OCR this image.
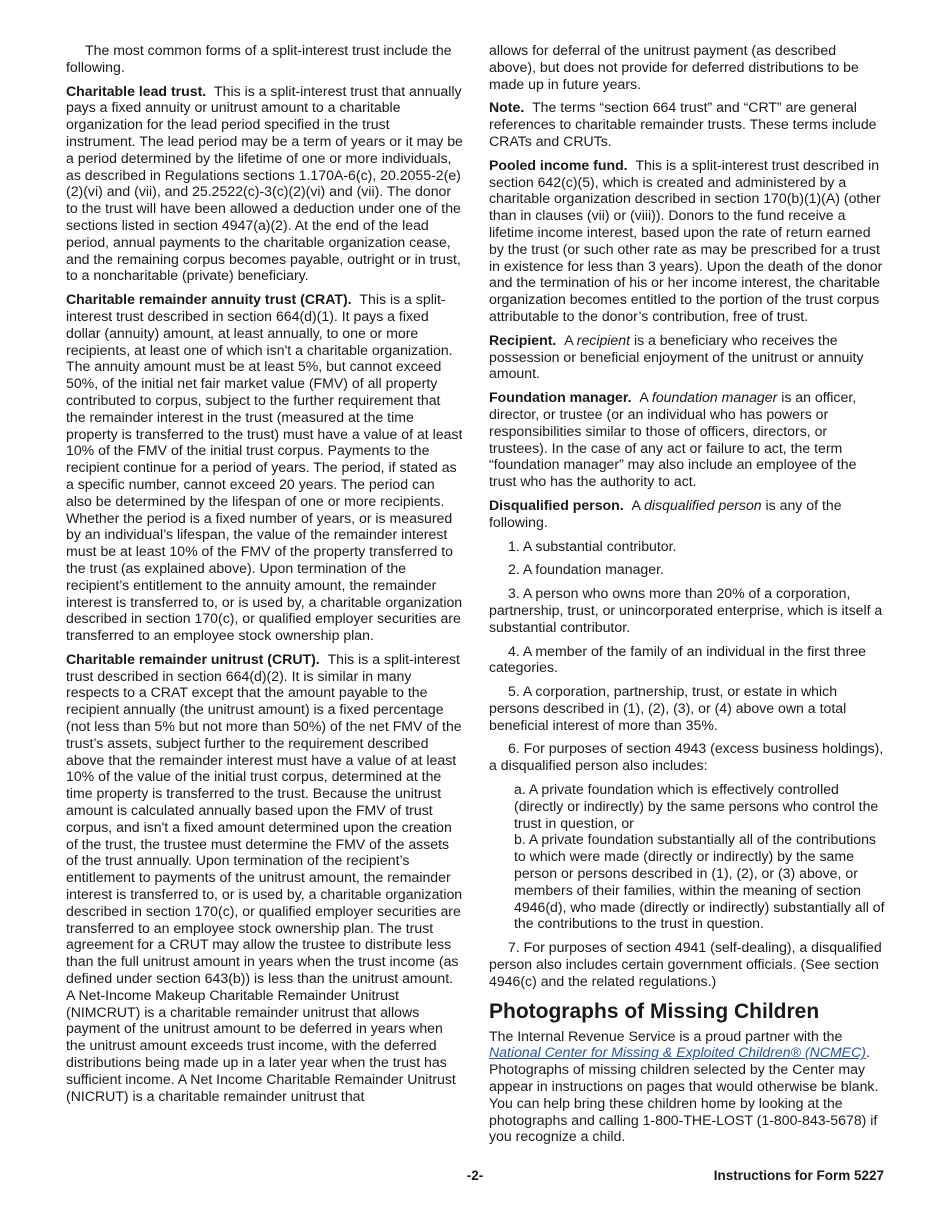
The most common forms of a split-interest trust include the following.

Charitable lead trust. This is a split-interest trust that annually pays a fixed annuity or unitrust amount to a charitable organization for the lead period specified in the trust instrument. The lead period may be a term of years or it may be a period determined by the lifetime of one or more individuals, as described in Regulations sections 1.170A-6(c), 20.2055-2(e)(2)(vi) and (vii), and 25.2522(c)-3(c)(2)(vi) and (vii). The donor to the trust will have been allowed a deduction under one of the sections listed in section 4947(a)(2). At the end of the lead period, annual payments to the charitable organization cease, and the remaining corpus becomes payable, outright or in trust, to a noncharitable (private) beneficiary.

Charitable remainder annuity trust (CRAT). This is a split-interest trust described in section 664(d)(1). It pays a fixed dollar (annuity) amount, at least annually, to one or more recipients, at least one of which isn't a charitable organization. The annuity amount must be at least 5%, but cannot exceed 50%, of the initial net fair market value (FMV) of all property contributed to corpus, subject to the further requirement that the remainder interest in the trust (measured at the time property is transferred to the trust) must have a value of at least 10% of the FMV of the initial trust corpus. Payments to the recipient continue for a period of years. The period, if stated as a specific number, cannot exceed 20 years. The period can also be determined by the lifespan of one or more recipients. Whether the period is a fixed number of years, or is measured by an individual’s lifespan, the value of the remainder interest must be at least 10% of the FMV of the property transferred to the trust (as explained above). Upon termination of the recipient’s entitlement to the annuity amount, the remainder interest is transferred to, or is used by, a charitable organization described in section 170(c), or qualified employer securities are transferred to an employee stock ownership plan.

Charitable remainder unitrust (CRUT). This is a split-interest trust described in section 664(d)(2). It is similar in many respects to a CRAT except that the amount payable to the recipient annually (the unitrust amount) is a fixed percentage (not less than 5% but not more than 50%) of the net FMV of the trust’s assets, subject further to the requirement described above that the remainder interest must have a value of at least 10% of the value of the initial trust corpus, determined at the time property is transferred to the trust. Because the unitrust amount is calculated annually based upon the FMV of trust corpus, and isn't a fixed amount determined upon the creation of the trust, the trustee must determine the FMV of the assets of the trust annually. Upon termination of the recipient’s entitlement to payments of the unitrust amount, the remainder interest is transferred to, or is used by, a charitable organization described in section 170(c), or qualified employer securities are transferred to an employee stock ownership plan. The trust agreement for a CRUT may allow the trustee to distribute less than the full unitrust amount in years when the trust income (as defined under section 643(b)) is less than the unitrust amount. A Net-Income Makeup Charitable Remainder Unitrust (NIMCRUT) is a charitable remainder unitrust that allows payment of the unitrust amount to be deferred in years when the unitrust amount exceeds trust income, with the deferred distributions being made up in a later year when the trust has sufficient income. A Net Income Charitable Remainder Unitrust (NICRUT) is a charitable remainder unitrust that

allows for deferral of the unitrust payment (as described above), but does not provide for deferred distributions to be made up in future years.

Note. The terms “section 664 trust” and “CRT” are general references to charitable remainder trusts. These terms include CRATs and CRUTs.

Pooled income fund. This is a split-interest trust described in section 642(c)(5), which is created and administered by a charitable organization described in section 170(b)(1)(A) (other than in clauses (vii) or (viii)). Donors to the fund receive a lifetime income interest, based upon the rate of return earned by the trust (or such other rate as may be prescribed for a trust in existence for less than 3 years). Upon the death of the donor and the termination of his or her income interest, the charitable organization becomes entitled to the portion of the trust corpus attributable to the donor’s contribution, free of trust.

Recipient. A recipient is a beneficiary who receives the possession or beneficial enjoyment of the unitrust or annuity amount.

Foundation manager. A foundation manager is an officer, director, or trustee (or an individual who has powers or responsibilities similar to those of officers, directors, or trustees). In the case of any act or failure to act, the term “foundation manager” may also include an employee of the trust who has the authority to act.

Disqualified person. A disqualified person is any of the following.

1. A substantial contributor.
2. A foundation manager.
3. A person who owns more than 20% of a corporation, partnership, trust, or unincorporated enterprise, which is itself a substantial contributor.
4. A member of the family of an individual in the first three categories.
5. A corporation, partnership, trust, or estate in which persons described in (1), (2), (3), or (4) above own a total beneficial interest of more than 35%.
6. For purposes of section 4943 (excess business holdings), a disqualified person also includes:
a. A private foundation which is effectively controlled (directly or indirectly) by the same persons who control the trust in question, or
b. A private foundation substantially all of the contributions to which were made (directly or indirectly) by the same person or persons described in (1), (2), or (3) above, or members of their families, within the meaning of section 4946(d), who made (directly or indirectly) substantially all of the contributions to the trust in question.
7. For purposes of section 4941 (self-dealing), a disqualified person also includes certain government officials. (See section 4946(c) and the related regulations.)
Photographs of Missing Children

The Internal Revenue Service is a proud partner with the National Center for Missing & Exploited Children® (NCMEC). Photographs of missing children selected by the Center may appear in instructions on pages that would otherwise be blank. You can help bring these children home by looking at the photographs and calling 1-800-THE-LOST (1-800-843-5678) if you recognize a child.

-2-	Instructions for Form 5227
